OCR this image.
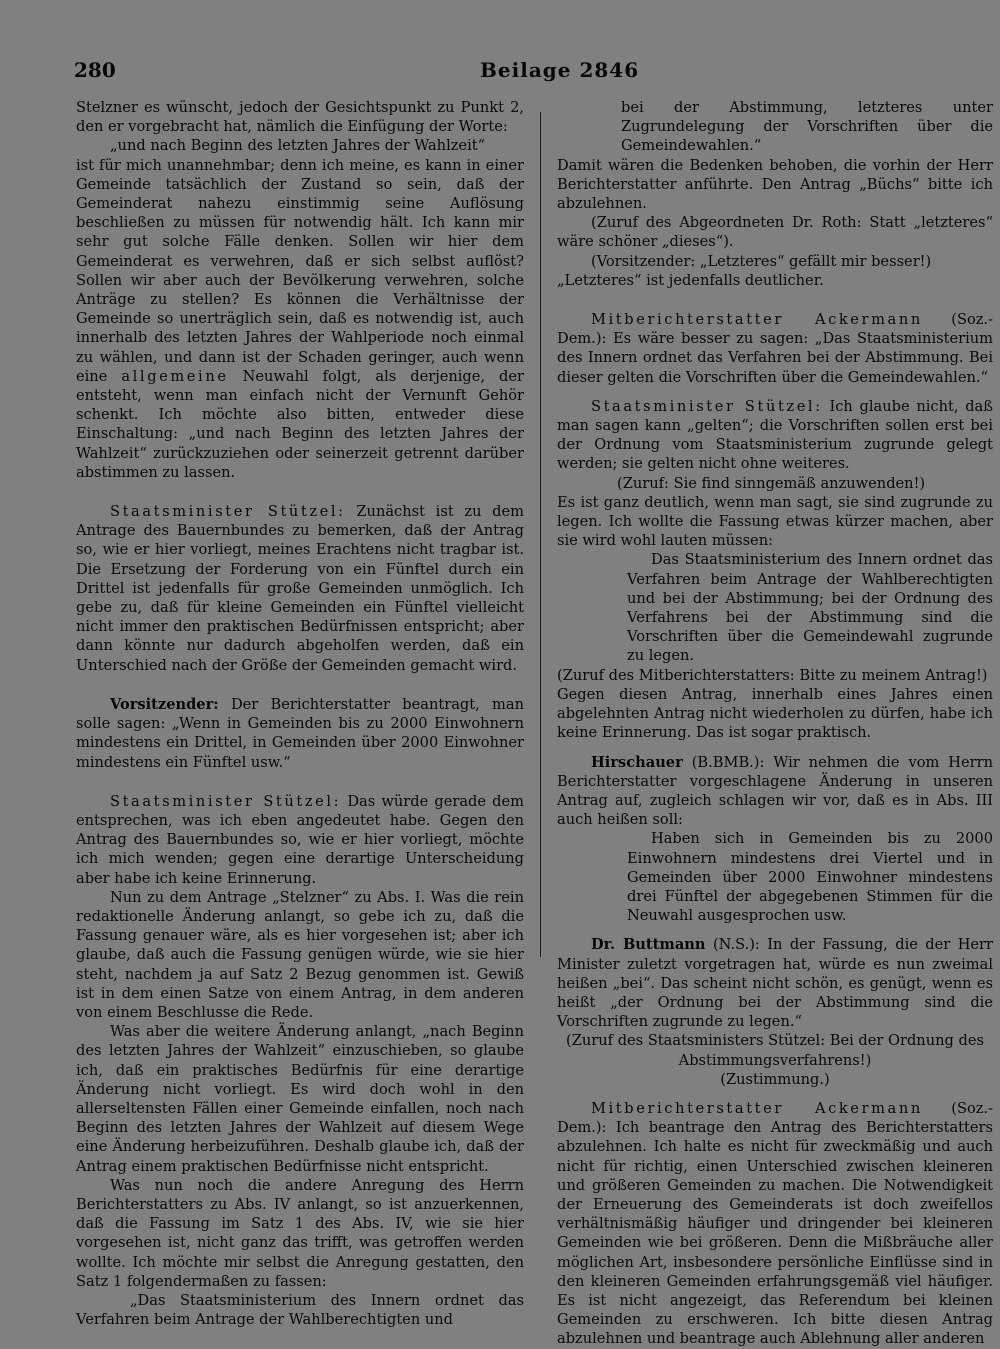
280	Beilage 2846

Stelzner es wünscht, jedoch der Gesichtspunkt zu Punkt 2, den er vorgebracht hat, nämlich die Einfügung der Worte:

„und nach Beginn des letzten Jahres der Wahlzeit“

ist für mich unannehmbar; denn ich meine, es kann in einer Gemeinde tatsächlich der Zustand so sein, daß der Gemeinderat nahezu einstimmig seine Auflösung beschließen zu müssen für notwendig hält. Ich kann mir sehr gut solche Fälle denken. Sollen wir hier dem Gemeinderat es verwehren, daß er sich selbst auflöst? Sollen wir aber auch der Bevölkerung verwehren, solche Anträge zu stellen? Es können die Verhältnisse der Gemeinde so unerträglich sein, daß es notwendig ist, auch innerhalb des letzten Jahres der Wahlperiode noch einmal zu wählen, und dann ist der Schaden geringer, auch wenn eine allgemeine Neuwahl folgt, als derjenige, der entsteht, wenn man einfach nicht der Vernunft Gehör schenkt. Ich möchte also bitten, entweder diese Einschaltung: „und nach Beginn des letzten Jahres der Wahlzeit“ zurückzuziehen oder seinerzeit getrennt darüber abstimmen zu lassen.

Staatsminister Stützel: Zunächst ist zu dem Antrage des Bauernbundes zu bemerken, daß der Antrag so, wie er hier vorliegt, meines Erachtens nicht tragbar ist. Die Ersetzung der Forderung von ein Fünftel durch ein Drittel ist jedenfalls für große Gemeinden unmöglich. Ich gebe zu, daß für kleine Gemeinden ein Fünftel vielleicht nicht immer den praktischen Bedürfnissen entspricht; aber dann könnte nur dadurch abgeholfen werden, daß ein Unterschied nach der Größe der Gemeinden gemacht wird.

Vorsitzender: Der Berichterstatter beantragt, man solle sagen: „Wenn in Gemeinden bis zu 2000 Einwohnern mindestens ein Drittel, in Gemeinden über 2000 Einwohner mindestens ein Fünftel usw.“

Staatsminister Stützel: Das würde gerade dem entsprechen, was ich eben angedeutet habe. Gegen den Antrag des Bauernbundes so, wie er hier vorliegt, möchte ich mich wenden; gegen eine derartige Unterscheidung aber habe ich keine Erinnerung.

Nun zu dem Antrage „Stelzner“ zu Abs. I. Was die rein redaktionelle Änderung anlangt, so gebe ich zu, daß die Fassung genauer wäre, als es hier vorgesehen ist; aber ich glaube, daß auch die Fassung genügen würde, wie sie hier steht, nachdem ja auf Satz 2 Bezug genommen ist. Gewiß ist in dem einen Satze von einem Antrag, in dem anderen von einem Beschlusse die Rede.

Was aber die weitere Änderung anlangt, „nach Beginn des letzten Jahres der Wahlzeit“ einzuschieben, so glaube ich, daß ein praktisches Bedürfnis für eine derartige Änderung nicht vorliegt. Es wird doch wohl in den allerseltensten Fällen einer Gemeinde einfallen, noch nach Beginn des letzten Jahres der Wahlzeit auf diesem Wege eine Änderung herbeizuführen. Deshalb glaube ich, daß der Antrag einem praktischen Bedürfnisse nicht entspricht.

Was nun noch die andere Anregung des Herrn Berichterstatters zu Abs. IV anlangt, so ist anzuerkennen, daß die Fassung im Satz 1 des Abs. IV, wie sie hier vorgesehen ist, nicht ganz das trifft, was getroffen werden wollte. Ich möchte mir selbst die Anregung gestatten, den Satz 1 folgendermaßen zu fassen:

„Das Staatsministerium des Innern ordnet das Verfahren beim Antrage der Wahlberechtigten und

bei der Abstimmung, letzteres unter Zugrundelegung der Vorschriften über die Gemeindewahlen.“

Damit wären die Bedenken behoben, die vorhin der Herr Berichterstatter anführte. Den Antrag „Büchs“ bitte ich abzulehnen.

(Zuruf des Abgeordneten Dr. Roth: Statt „letzteres“ wäre schöner „dieses“).

(Vorsitzender: „Letzteres“ gefällt mir besser!)

„Letzteres“ ist jedenfalls deutlicher.

Mitberichterstatter Ackermann (Soz.-Dem.): Es wäre besser zu sagen: „Das Staatsministerium des Innern ordnet das Verfahren bei der Abstimmung. Bei dieser gelten die Vorschriften über die Gemeindewahlen.“

Staatsminister Stützel: Ich glaube nicht, daß man sagen kann „gelten“; die Vorschriften sollen erst bei der Ordnung vom Staatsministerium zugrunde gelegt werden; sie gelten nicht ohne weiteres.

(Zuruf: Sie find sinngemäß anzuwenden!)

Es ist ganz deutlich, wenn man sagt, sie sind zugrunde zu legen. Ich wollte die Fassung etwas kürzer machen, aber sie wird wohl lauten müssen:

Das Staatsministerium des Innern ordnet das Verfahren beim Antrage der Wahlberechtigten und bei der Abstimmung; bei der Ordnung des Verfahrens bei der Abstimmung sind die Vorschriften über die Gemeindewahl zugrunde zu legen.

(Zuruf des Mitberichterstatters: Bitte zu meinem Antrag!)

Gegen diesen Antrag, innerhalb eines Jahres einen abgelehnten Antrag nicht wiederholen zu dürfen, habe ich keine Erinnerung. Das ist sogar praktisch.

Hirschauer (B.BMB.): Wir nehmen die vom Herrn Berichterstatter vorgeschlagene Änderung in unseren Antrag auf, zugleich schlagen wir vor, daß es in Abs. III auch heißen soll:

Haben sich in Gemeinden bis zu 2000 Einwohnern mindestens drei Viertel und in Gemeinden über 2000 Einwohner mindestens drei Fünftel der abgegebenen Stimmen für die Neuwahl ausgesprochen usw.

Dr. Buttmann (N.S.): In der Fassung, die der Herr Minister zuletzt vorgetragen hat, würde es nun zweimal heißen „bei“. Das scheint nicht schön, es genügt, wenn es heißt „der Ordnung bei der Abstimmung sind die Vorschriften zugrunde zu legen.“

(Zuruf des Staatsministers Stützel: Bei der Ordnung des Abstimmungsverfahrens!)

(Zustimmung.)

Mitberichterstatter Ackermann (Soz.-Dem.): Ich beantrage den Antrag des Berichterstatters abzulehnen. Ich halte es nicht für zweckmäßig und auch nicht für richtig, einen Unterschied zwischen kleineren und größeren Gemeinden zu machen. Die Notwendigkeit der Erneuerung des Gemeinderats ist doch zweifellos verhältnismäßig häufiger und dringender bei kleineren Gemeinden wie bei größeren. Denn die Mißbräuche aller möglichen Art, insbesondere persönliche Einflüsse sind in den kleineren Gemeinden erfahrungsgemäß viel häufiger. Es ist nicht angezeigt, das Referendum bei kleinen Gemeinden zu erschweren. Ich bitte diesen Antrag abzulehnen und beantrage auch Ablehnung aller anderen
